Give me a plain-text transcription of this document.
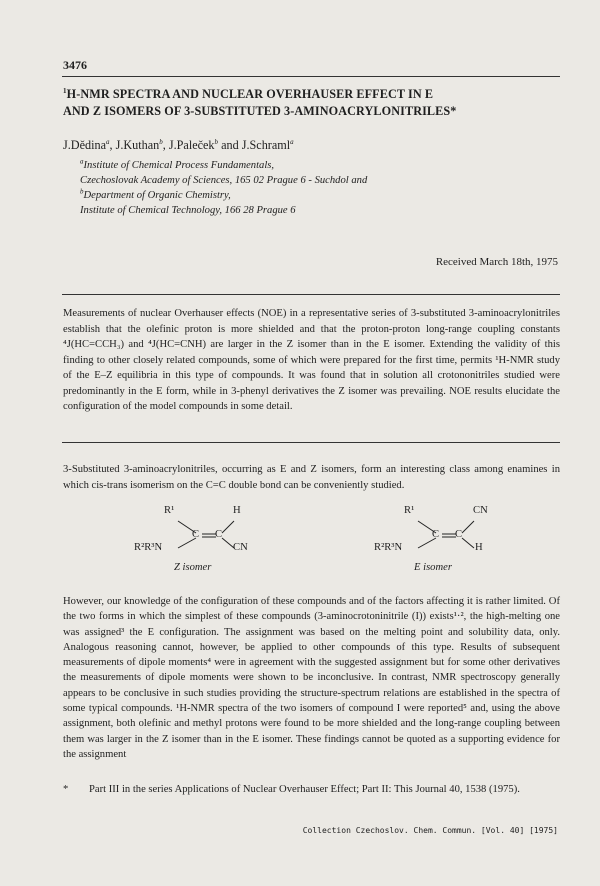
3476
$^1$H-NMR SPECTRA AND NUCLEAR OVERHAUSER EFFECT IN E
AND Z ISOMERS OF 3-SUBSTITUTED 3-AMINOACRYLONITRILES*
J.Dědina$^a$, J.Kuthan$^b$, J.Paleček$^b$ and J.Schraml$^a$
$^a$Institute of Chemical Process Fundamentals,
Czechoslovak Academy of Sciences, 165 02 Prague 6 - Suchdol and
$^b$Department of Organic Chemistry,
Institute of Chemical Technology, 166 28 Prague 6
Received March 18th, 1975
Measurements of nuclear Overhauser effects (NOE) in a representative series of 3-substituted 3-aminoacrylonitriles establish that the olefinic proton is more shielded and that the proton-proton long-range coupling constants ⁴J(HC=CCH₃) and ⁴J(HC=CNH) are larger in the Z isomer than in the E isomer. Extending the validity of this finding to other closely related compounds, some of which were prepared for the first time, permits ¹H-NMR study of the E–Z equilibria in this type of compounds. It was found that in solution all crotononitriles studied were predominantly in the E form, while in 3-phenyl derivatives the Z isomer was prevailing. NOE results elucidate the configuration of the model compounds in some detail.
3-Substituted 3-aminoacrylonitriles, occurring as E and Z isomers, form an interesting class among enamines in which cis-trans isomerism on the C=C double bond can be conveniently studied.
R¹	H
C C
R²R³N	CN
Z isomer
R¹	CN
C C
R²R³N	H
E isomer
However, our knowledge of the configuration of these compounds and of the factors affecting it is rather limited. Of the two forms in which the simplest of these compounds (3-aminocrotoninitrile (I)) exists¹·², the high-melting one was assigned³ the E configuration. The assignment was based on the melting point and solubility data, only. Analogous reasoning cannot, however, be applied to other compounds of this type. Results of subsequent measurements of dipole moments⁴ were in agreement with the suggested assignment but for some other derivatives the measurements of dipole moments were shown to be inconclusive. In contrast, NMR spectroscopy generally appears to be conclusive in such studies providing the structure-spectrum relations are established in the spectra of some typical compounds. ¹H-NMR spectra of the two isomers of compound I were reported⁵ and, using the above assignment, both olefinic and methyl protons were found to be more shielded and the long-range coupling between them was larger in the Z isomer than in the E isomer. These findings cannot be quoted as a supporting evidence for the assignment
* Part III in the series Applications of Nuclear Overhauser Effect; Part II: This Journal 40, 1538 (1975).
Collection Czechoslov. Chem. Commun. [Vol. 40] [1975]
